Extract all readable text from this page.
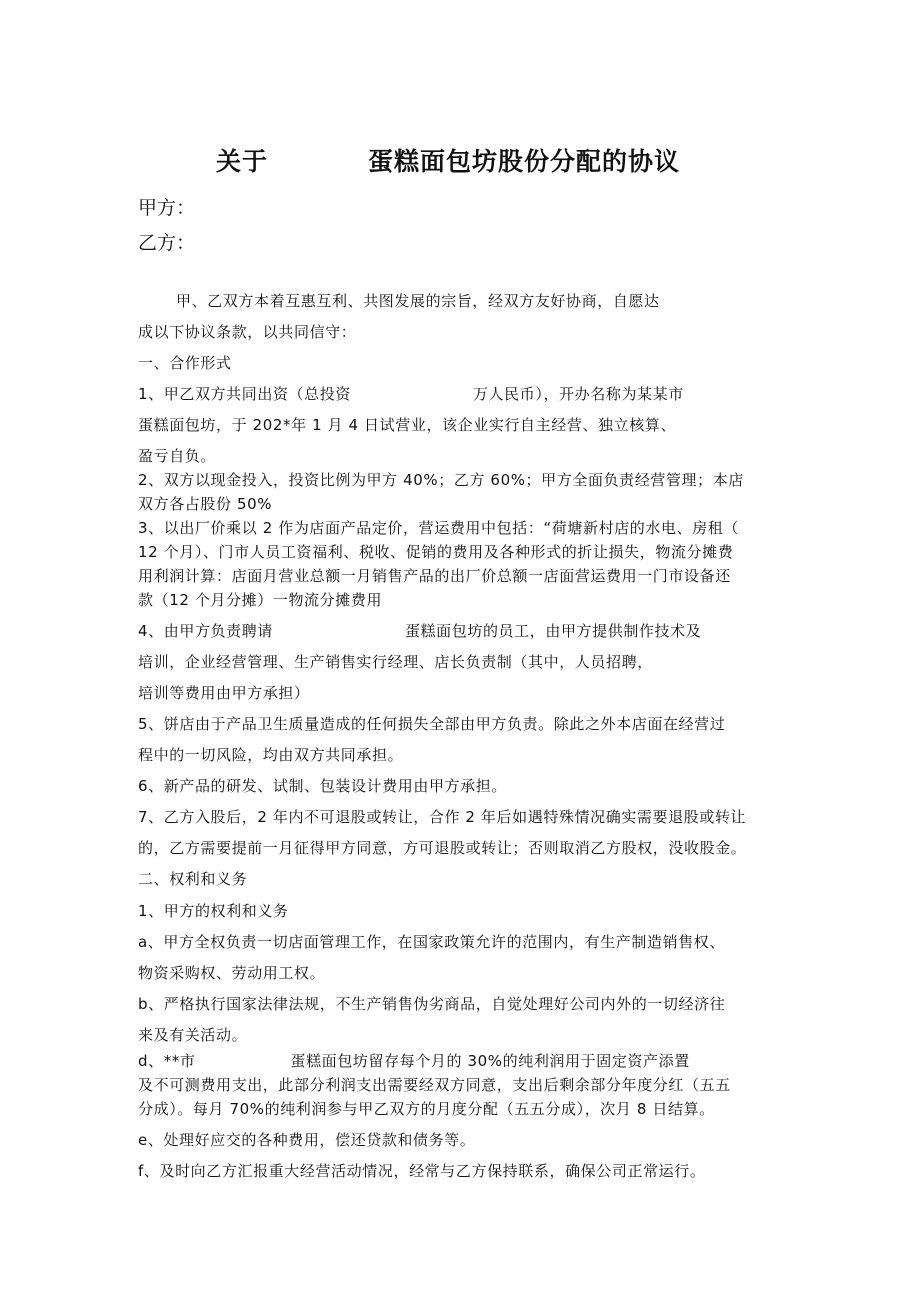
关于	蛋糕面包坊股份分配的协议
甲方：
乙方：
甲、乙双方本着互惠互利、共图发展的宗旨，经双方友好协商，自愿达
成以下协议条款，以共同信守：
一、合作形式
1、甲乙双方共同出资（总投资	万人民币），开办名称为某某市
蛋糕面包坊，于 202*年 1 月 4 日试营业，该企业实行自主经营、独立核算、
盈亏自负。
2、双方以现金投入，投资比例为甲方 40%；乙方 60%；甲方全面负责经营管理；本店
双方各占股份 50%
3、以出厂价乘以 2 作为店面产品定价，营运费用中包括：“荷塘新村店的水电、房租（
12 个月）、门市人员工资福利、税收、促销的费用及各种形式的折让损失，物流分摊费
用利润计算：店面月营业总额一月销售产品的出厂价总额一店面营运费用一门市设备还
款（12 个月分摊）一物流分摊费用
4、由甲方负责聘请	蛋糕面包坊的员工，由甲方提供制作技术及
培训，企业经营管理、生产销售实行经理、店长负责制（其中，人员招聘，
培训等费用由甲方承担）
5、饼店由于产品卫生质量造成的任何损失全部由甲方负责。除此之外本店面在经营过
程中的一切风险，均由双方共同承担。
6、新产品的研发、试制、包装设计费用由甲方承担。
7、乙方入股后，2 年内不可退股或转让，合作 2 年后如遇特殊情况确实需要退股或转让
的，乙方需要提前一月征得甲方同意，方可退股或转让；否则取消乙方股权，没收股金。
二、权利和义务
1、甲方的权利和义务
a、甲方全权负责一切店面管理工作，在国家政策允许的范围内，有生产制造销售权、
物资采购权、劳动用工权。
b、严格执行国家法律法规，不生产销售伪劣商品，自觉处理好公司内外的一切经济往
来及有关活动。
d、**市	蛋糕面包坊留存每个月的 30%的纯利润用于固定资产添置
及不可测费用支出，此部分利润支出需要经双方同意，支出后剩余部分年度分红（五五
分成）。每月 70%的纯利润参与甲乙双方的月度分配（五五分成），次月 8 日结算。
e、处理好应交的各种费用，偿还贷款和债务等。
f、及时向乙方汇报重大经营活动情况，经常与乙方保持联系，确保公司正常运行。
